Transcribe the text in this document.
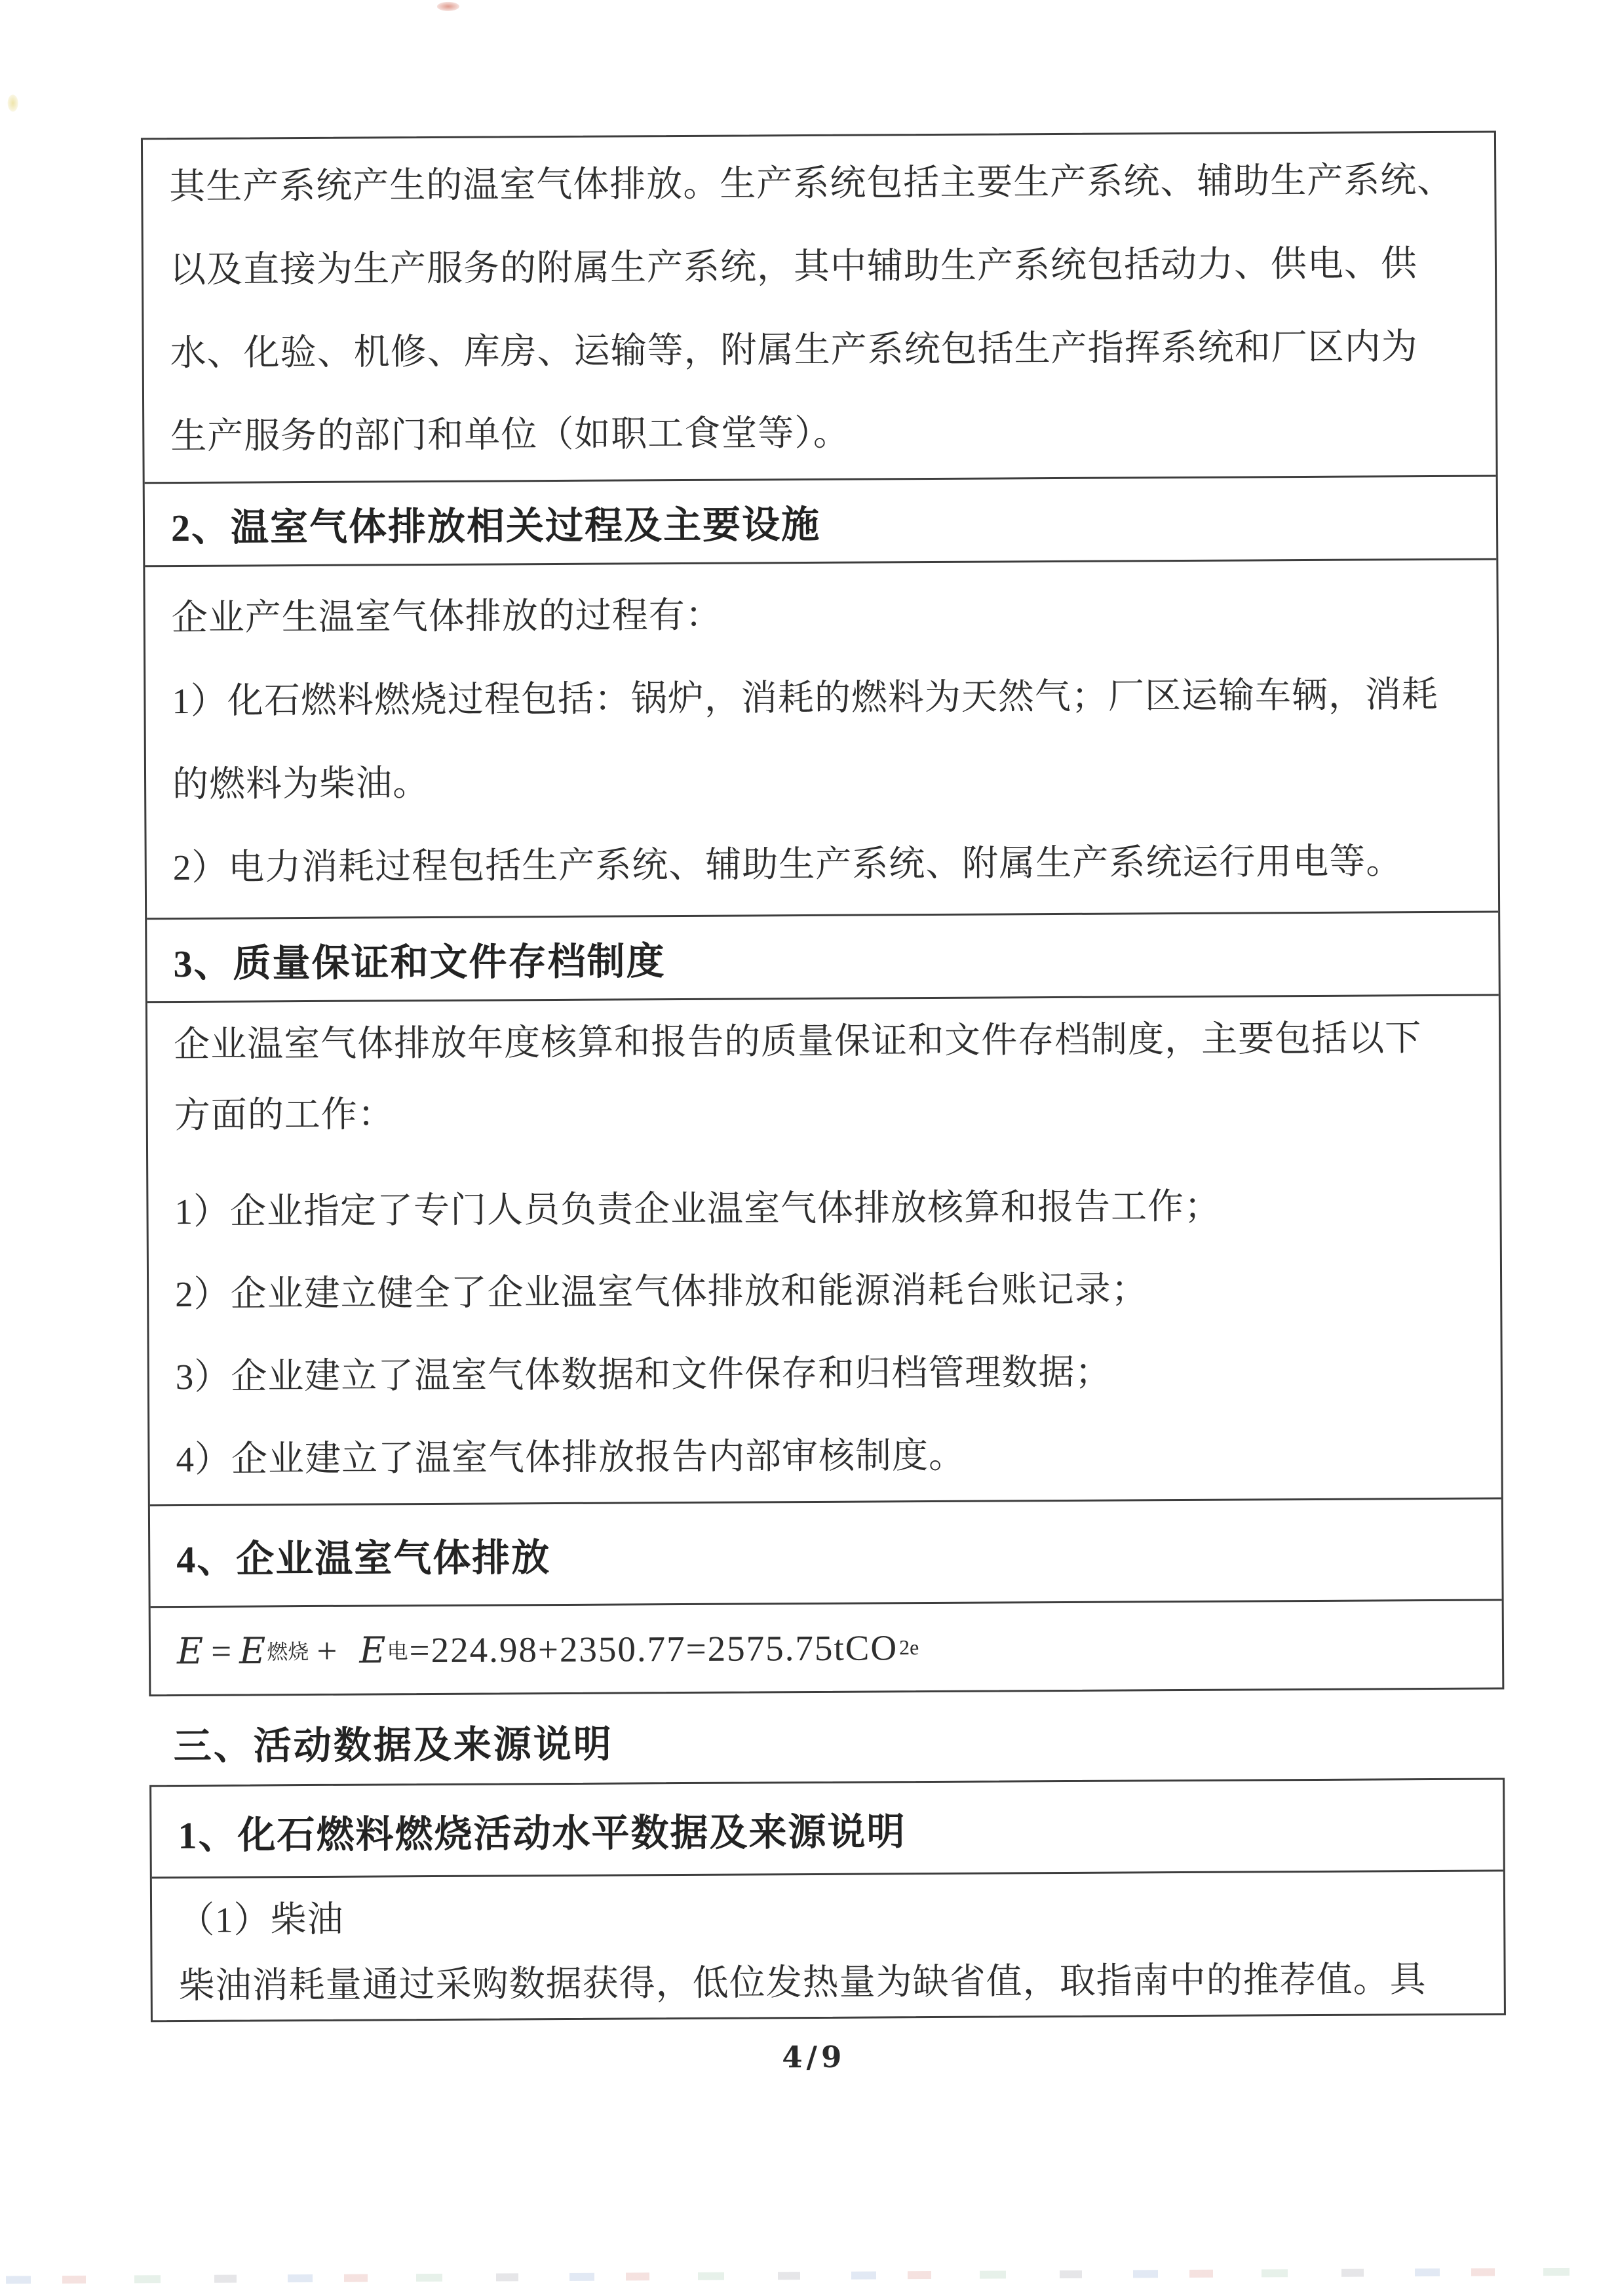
其生产系统产生的温室气体排放。生产系统包括主要生产系统、辅助生产系统、
以及直接为生产服务的附属生产系统，其中辅助生产系统包括动力、供电、供
水、化验、机修、库房、运输等，附属生产系统包括生产指挥系统和厂区内为
生产服务的部门和单位（如职工食堂等）。
2、温室气体排放相关过程及主要设施
企业产生温室气体排放的过程有：
1）化石燃料燃烧过程包括：锅炉，消耗的燃料为天然气；厂区运输车辆，消耗
的燃料为柴油。
2）电力消耗过程包括生产系统、辅助生产系统、附属生产系统运行用电等。
3、质量保证和文件存档制度
企业温室气体排放年度核算和报告的质量保证和文件存档制度，主要包括以下
方面的工作：
1）企业指定了专门人员负责企业温室气体排放核算和报告工作；
2）企业建立健全了企业温室气体排放和能源消耗台账记录；
3）企业建立了温室气体数据和文件保存和归档管理数据；
4）企业建立了温室气体排放报告内部审核制度。
4、企业温室气体排放
E = E 燃烧 + E 电 =224.98+2350.77=2575.75tCO 2e
三、活动数据及来源说明
1、化石燃料燃烧活动水平数据及来源说明
（1）柴油
柴油消耗量通过采购数据获得，低位发热量为缺省值，取指南中的推荐值。具
4/9
